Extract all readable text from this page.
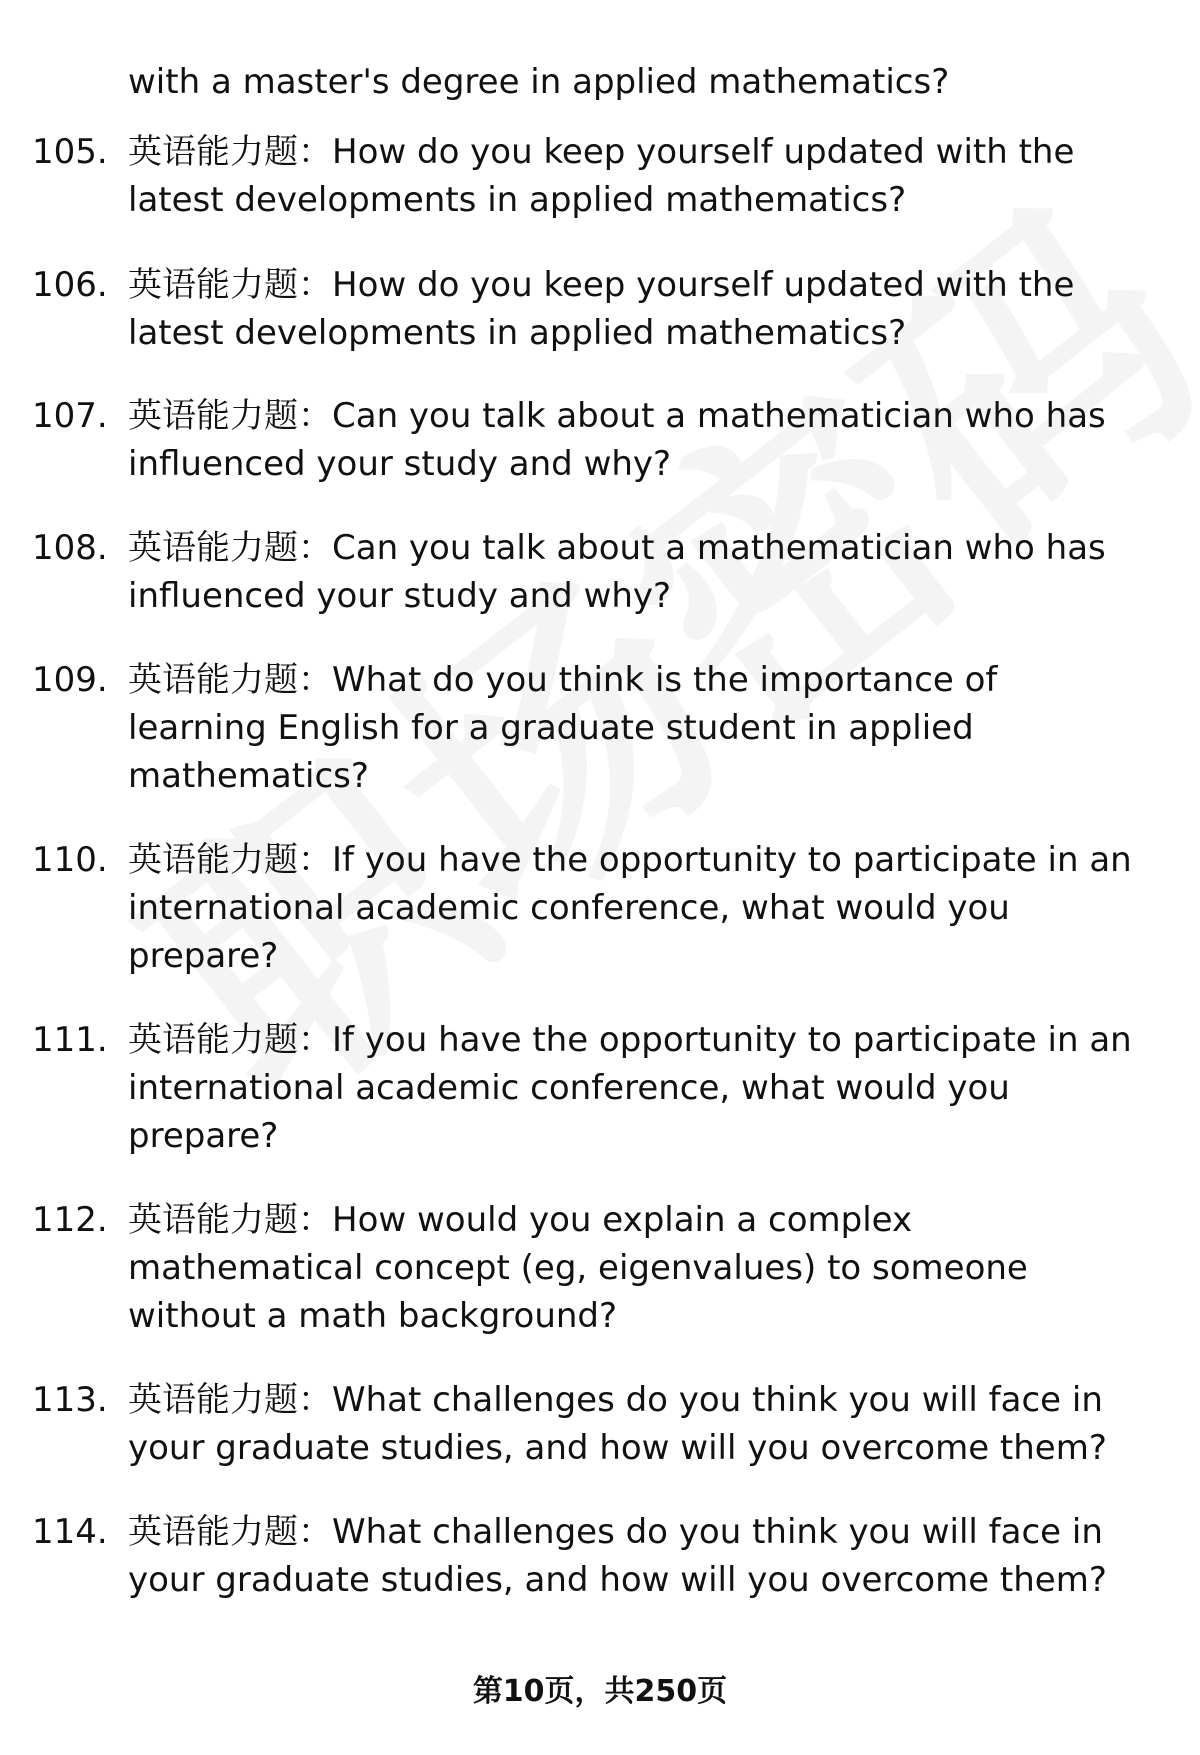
with a master's degree in applied mathematics?
105. 英语能力题：How do you keep yourself updated with the
latest developments in applied mathematics?
106. 英语能力题：How do you keep yourself updated with the
latest developments in applied mathematics?
107. 英语能力题：Can you talk about a mathematician who has
influenced your study and why?
108. 英语能力题：Can you talk about a mathematician who has
influenced your study and why?
109. 英语能力题：What do you think is the importance of
learning English for a graduate student in applied
mathematics?
110. 英语能力题：If you have the opportunity to participate in an
international academic conference, what would you
prepare?
111. 英语能力题：If you have the opportunity to participate in an
international academic conference, what would you
prepare?
112. 英语能力题：How would you explain a complex
mathematical concept (eg, eigenvalues) to someone
without a math background?
113. 英语能力题：What challenges do you think you will face in
your graduate studies, and how will you overcome them?
114. 英语能力题：What challenges do you think you will face in
your graduate studies, and how will you overcome them?
第10页，共250页
